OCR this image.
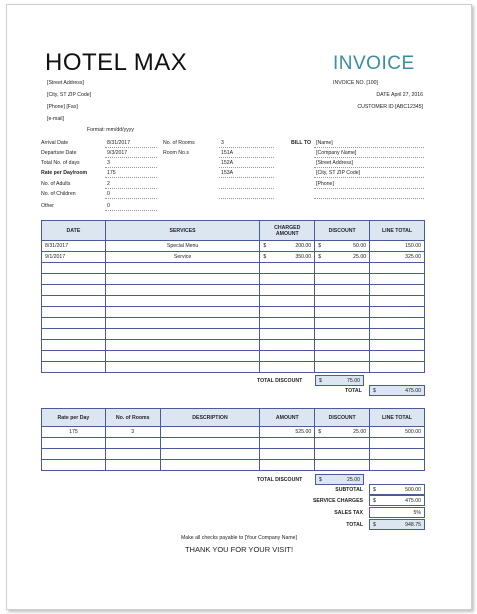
HOTEL MAX	INVOICE
[Street Address]
[City, ST ZIP Code]
[Phone] [Fax]
[e-mail]
INVOICE NO. [100]
DATE April 27, 2016
CUSTOMER ID [ABC12345]
Format: mm/dd/yyyy
Arrival Date	8/31/2017
Departure Date	9/3/2017
Total No. of days	3
Rate per Day/room	175
No. of Adults	2
No. of Children	0
Other	0
No. of Rooms	3
Room No.s	151A
152A
153A
BILL TO [Name]
[Company Name]
[Street Address]
[City, ST ZIP Code]
[Phone]
DATE	SERVICES	CHARGED AMOUNT	DISCOUNT	LINE TOTAL
8/31/2017	Special Menu	$ 200.00	$ 50.00	150.00
9/1/2017	Service	$ 350.00	$ 25.00	325.00

TOTAL DISCOUNT	$	75.00
TOTAL $	475.00
Rate per Day	No. of Rooms	DESCRIPTION	AMOUNT	DISCOUNT	LINE TOTAL
175	3		525.00	$ 25.00	500.00

TOTAL DISCOUNT	$	25.00
SUBTOTAL $	500.00
SERVICE CHARGES $	475.00
SALES TAX	5%
TOTAL $	948.75
Make all checks payable to [Your Company Name]
THANK YOU FOR YOUR VISIT!
